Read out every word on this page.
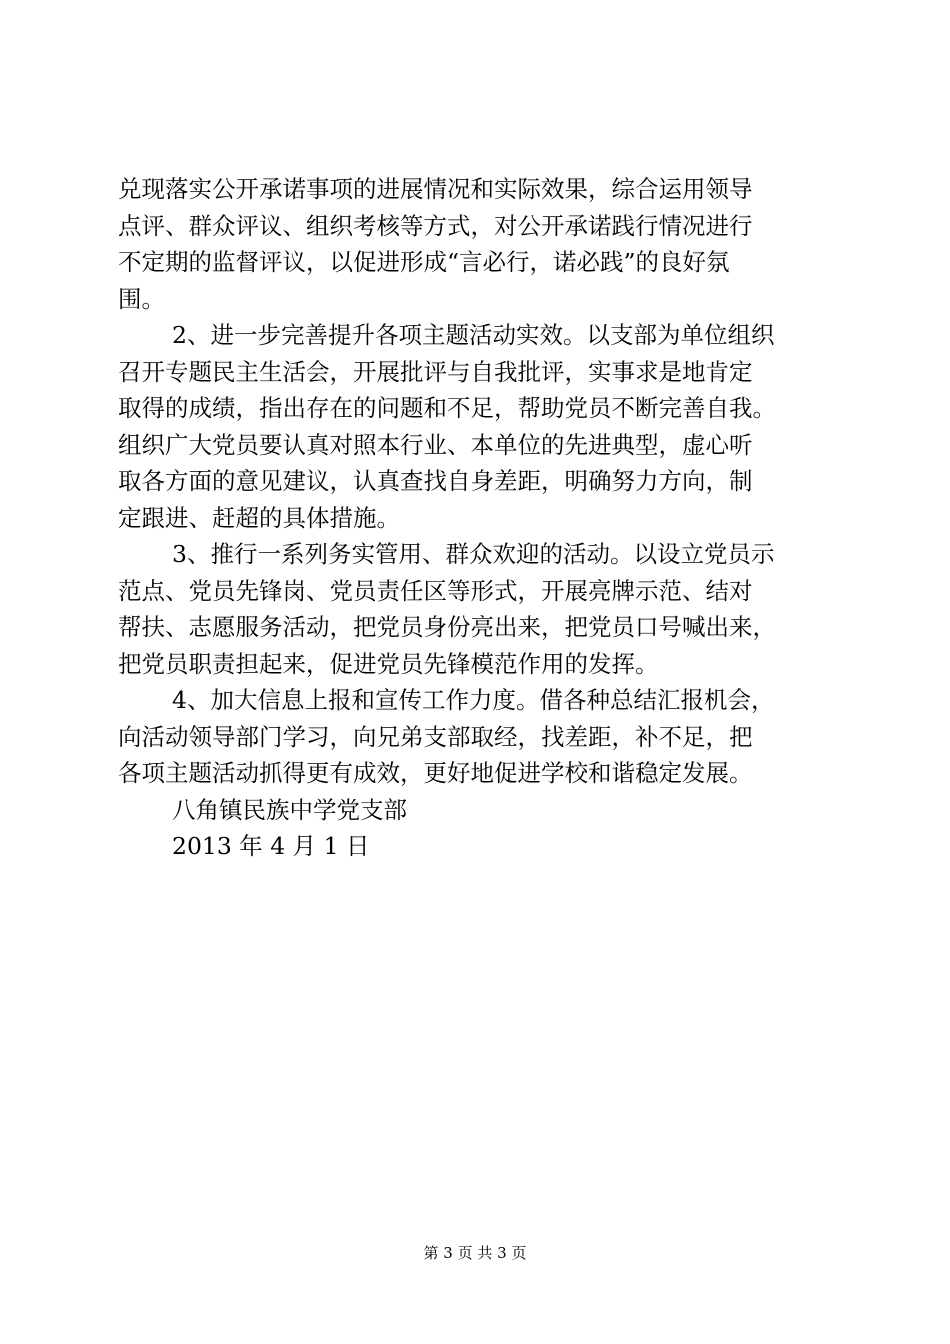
兑现落实公开承诺事项的进展情况和实际效果，综合运用领导
点评、群众评议、组织考核等方式，对公开承诺践行情况进行
不定期的监督评议，以促进形成“言必行，诺必践”的良好氛
围。
2、进一步完善提升各项主题活动实效。以支部为单位组织
召开专题民主生活会，开展批评与自我批评，实事求是地肯定
取得的成绩，指出存在的问题和不足，帮助党员不断完善自我。
组织广大党员要认真对照本行业、本单位的先进典型，虚心听
取各方面的意见建议，认真查找自身差距，明确努力方向，制
定跟进、赶超的具体措施。
3、推行一系列务实管用、群众欢迎的活动。以设立党员示
范点、党员先锋岗、党员责任区等形式，开展亮牌示范、结对
帮扶、志愿服务活动，把党员身份亮出来，把党员口号喊出来，
把党员职责担起来，促进党员先锋模范作用的发挥。
4、加大信息上报和宣传工作力度。借各种总结汇报机会，
向活动领导部门学习，向兄弟支部取经，找差距，补不足，把
各项主题活动抓得更有成效，更好地促进学校和谐稳定发展。
八角镇民族中学党支部
2013 年 4 月 1 日
第 3 页 共 3 页
